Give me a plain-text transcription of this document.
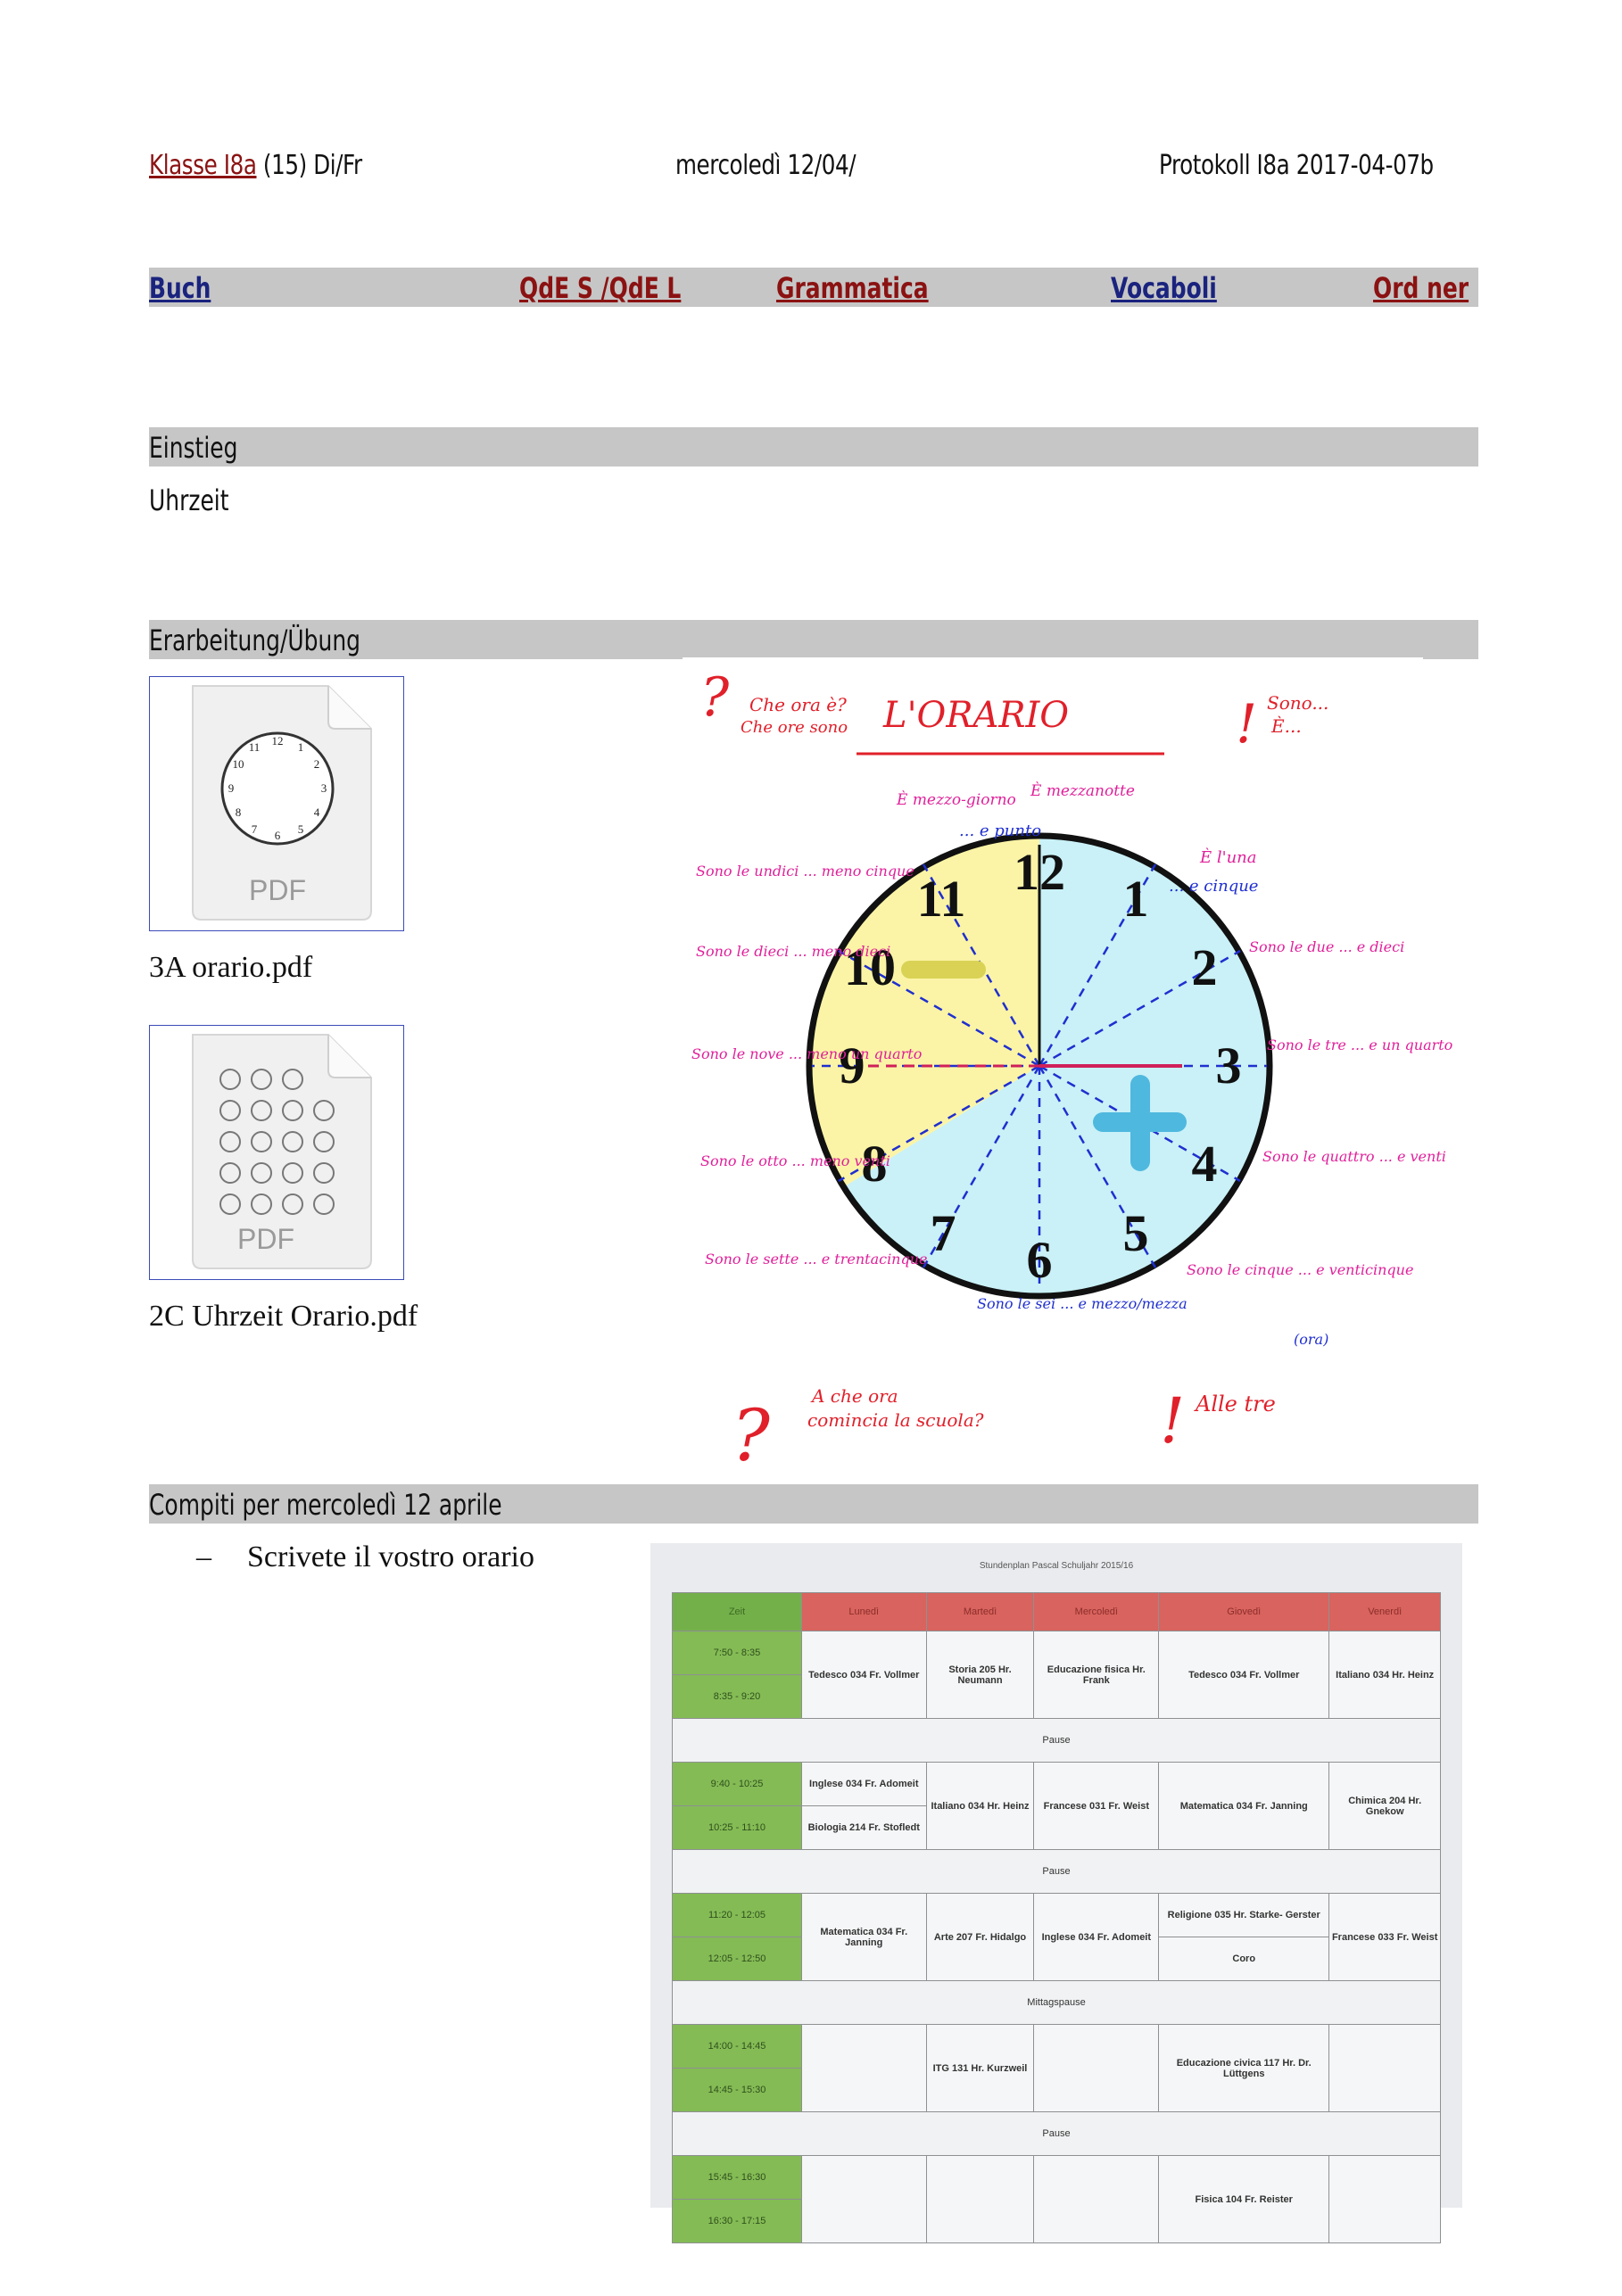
Klasse I8a (15) Di/Fr	mercoledì 12/04/	Protokoll I8a 2017-04-07b
Buch	QdE S /QdE L	Grammatica	Vocaboli	Ord ner
Einstieg
Uhrzeit
Erarbeitung/Übung
12 1
2
3
4
5
6
7
8
9
10
11
PDF
3A orario.pdf
PDF
2C Uhrzeit Orario.pdf
12 1
2
3
4
5
6
7
8
9
10
11
? Che ora è?
Che ore sono L'ORARIO	! Sono...
È...
È mezzo-giorno È mezzanotte
... e punto
È l'una
... e cinque
Sono le due ... e dieci
Sono le tre ... e un quarto
Sono le quattro ... e venti
Sono le cinque ... e venticinque
Sono le sei ... e mezzo/mezza
(ora)
Sono le undici ... meno cinque
Sono le dieci ... meno dieci
Sono le nove ... meno un quarto
Sono le otto ... meno venti
Sono le sette ... e trentacinque
? A che ora
comincia la scuola?	! Alle tre
Compiti per mercoledì 12 aprile
– Scrivete il vostro orario	Stundenplan Pascal Schuljahr 2015/16
Zeit	Lunedì	Martedì	Mercoledì	Giovedì	Venerdì
7:50 - 8:35	Tedesco 034 Fr. Vollmer	Storia 205 Hr. Neumann	Educazione fisica Hr. Frank	Tedesco 034 Fr. Vollmer	Italiano 034 Hr. Heinz
8:35 - 9:20					
Pause					
9:40 - 10:25	Inglese 034 Fr. Adomeit	Italiano 034 Hr. Heinz	Francese 031 Fr. Weist	Matematica 034 Fr. Janning	Chimica 204 Hr. Gnekow
10:25 - 11:10	Biologia 214 Fr. Stofledt				
Pause					
11:20 - 12:05	Matematica 034 Fr. Janning	Arte 207 Fr. Hidalgo	Inglese 034 Fr. Adomeit	Religione 035 Hr. Starke- Gerster	Francese 033 Fr. Weist
12:05 - 12:50				Coro	
Mittagspause					
14:00 - 14:45		ITG 131 Hr. Kurzweil		Educazione civica 117 Hr. Dr. Lüttgens	
14:45 - 15:30					
Pause					
15:45 - 16:30				Fisica 104 Fr. Reister	
16:30 - 17:15					
